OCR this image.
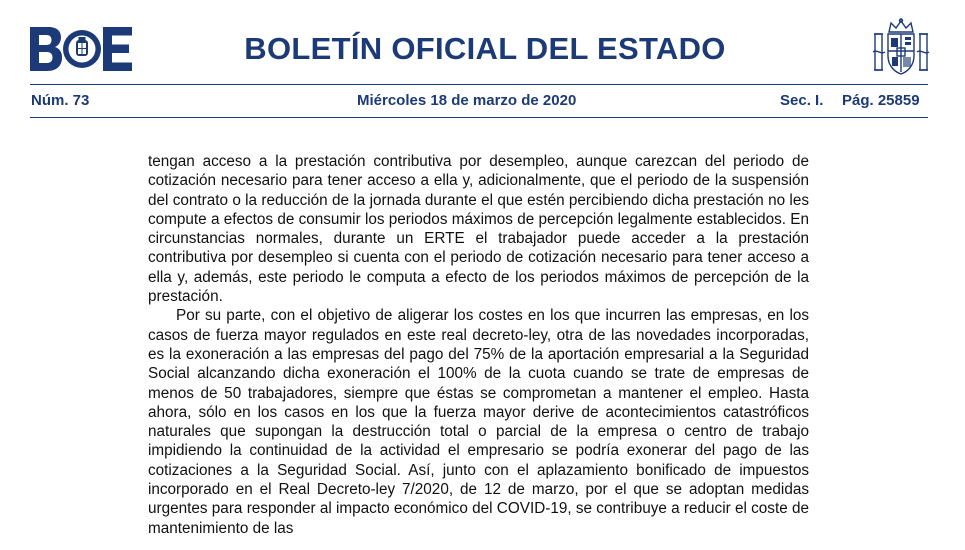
BOLETÍN OFICIAL DEL ESTADO
Núm. 73	Miércoles 18 de marzo de 2020	Sec. I. Pág. 25859

tengan acceso a la prestación contributiva por desempleo, aunque carezcan del periodo de cotización necesario para tener acceso a ella y, adicionalmente, que el periodo de la suspensión del contrato o la reducción de la jornada durante el que estén percibiendo dicha prestación no les compute a efectos de consumir los periodos máximos de percepción legalmente establecidos. En circunstancias normales, durante un ERTE el trabajador puede acceder a la prestación contributiva por desempleo si cuenta con el periodo de cotización necesario para tener acceso a ella y, además, este periodo le computa a efecto de los periodos máximos de percepción de la prestación.

Por su parte, con el objetivo de aligerar los costes en los que incurren las empresas, en los casos de fuerza mayor regulados en este real decreto-ley, otra de las novedades incorporadas, es la exoneración a las empresas del pago del 75% de la aportación empresarial a la Seguridad Social alcanzando dicha exoneración el 100% de la cuota cuando se trate de empresas de menos de 50 trabajadores, siempre que éstas se comprometan a mantener el empleo. Hasta ahora, sólo en los casos en los que la fuerza mayor derive de acontecimientos catastróficos naturales que supongan la destrucción total o parcial de la empresa o centro de trabajo impidiendo la continuidad de la actividad el empresario se podría exonerar del pago de las cotizaciones a la Seguridad Social. Así, junto con el aplazamiento bonificado de impuestos incorporado en el Real Decreto-ley 7/2020, de 12 de marzo, por el que se adoptan medidas urgentes para responder al impacto económico del COVID-19, se contribuye a reducir el coste de mantenimiento de las
